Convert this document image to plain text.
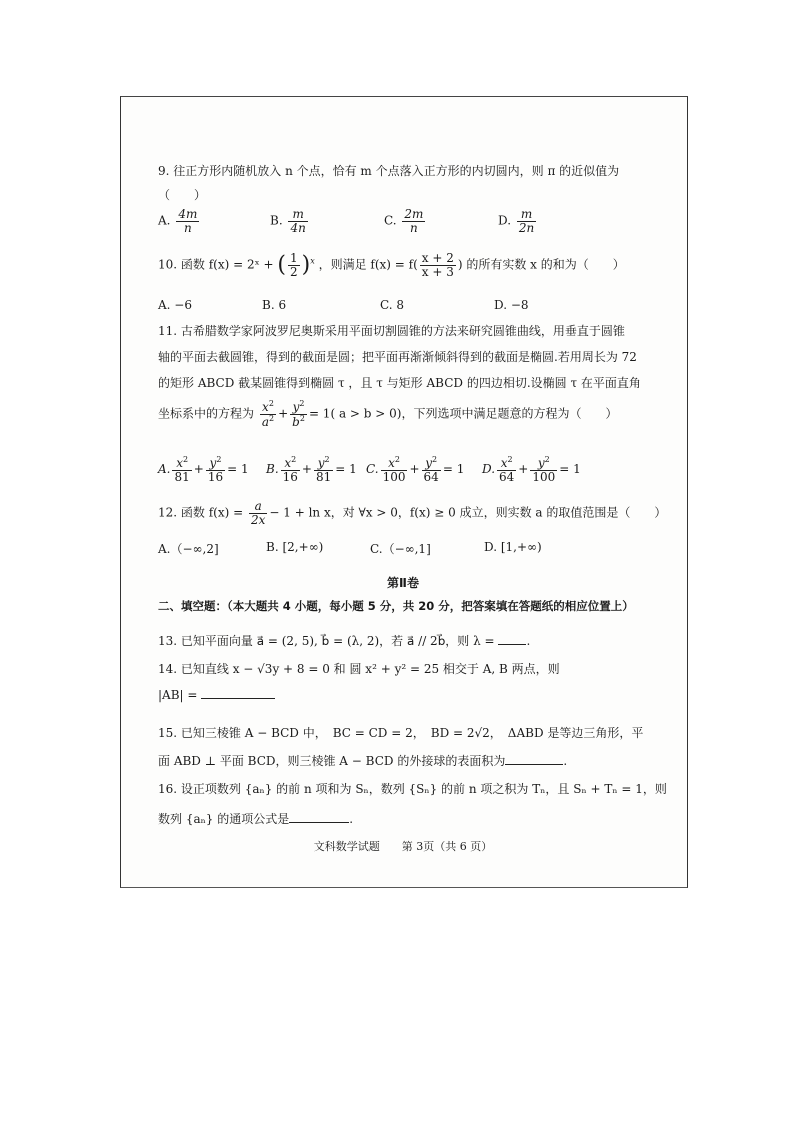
9. 往正方形内随机放入 n 个点，恰有 m 个点落入正方形的内切圆内，则 π 的近似值为
（　　）
A. $\frac{4m}{n}$	B. $\frac{m}{4n}$	C. $\frac{2m}{n}$	D. $\frac{m}{2n}$
10. 函数 f(x) = 2ˣ + ( $\frac{1}{2} )^x$ ，则满足 $f(x) = f( \frac{x + 2}{x + 3}$ ) 的所有实数 x 的和为（　　）
A. −6	B. 6	C. 8	D. −8
11. 古希腊数学家阿波罗尼奥斯采用平面切割圆锥的方法来研究圆锥曲线，用垂直于圆锥
轴的平面去截圆锥，得到的截面是圆；把平面再渐渐倾斜得到的截面是椭圆.若用周长为 72
的矩形 ABCD 截某圆锥得到椭圆 τ ，且 τ 与矩形 ABCD 的四边相切.设椭圆 τ 在平面直角
坐标系中的方程为 $\frac{x^2}{a^2} + \frac{y^2}{b^2} = 1$( a > b > 0)，下列选项中满足题意的方程为（　　）
A. $\frac{x^2}{81} + \frac{y^2}{16} = 1$ B. $\frac{x^2}{16} + \frac{y^2}{81} = 1$ C. $\frac{x^2}{100} + \frac{y^2}{64} = 1$ D. $\frac{x^2}{64} + \frac{y^2}{100} = 1$
12. 函数 $f(x) = \frac{a}{2x} - 1 + \ln x$，对 ∀x > 0，f(x) ≥ 0 成立，则实数 a 的取值范围是（　　）
A.（−∞,2]	B. [2,+∞)	C.（−∞,1]	D. [1,+∞)
第Ⅱ卷
二、填空题：（本大题共 4 小题，每小题 5 分，共 20 分，把答案填在答题纸的相应位置上）
13. 已知平面向量 a⃗ = (2, 5), b⃗ = (λ, 2)，若 a⃗ // 2b⃗，则 λ =	.
14. 已知直线 x − √3y + 8 = 0 和 圆 x² + y² = 25 相交于 A, B 两点，则
|AB| =
15. 已知三棱锥 A − BCD 中，　BC = CD = 2，　BD = 2√2，　ΔABD 是等边三角形，平
面 ABD ⊥ 平面 BCD，则三棱锥 A − BCD 的外接球的表面积为	.
16. 设正项数列 {aₙ} 的前 n 项和为 Sₙ，数列 {Sₙ} 的前 n 项之积为 Tₙ，且 Sₙ + Tₙ = 1，则
数列 {aₙ} 的通项公式是	.
文科数学试题　　第 3页（共 6 页）
